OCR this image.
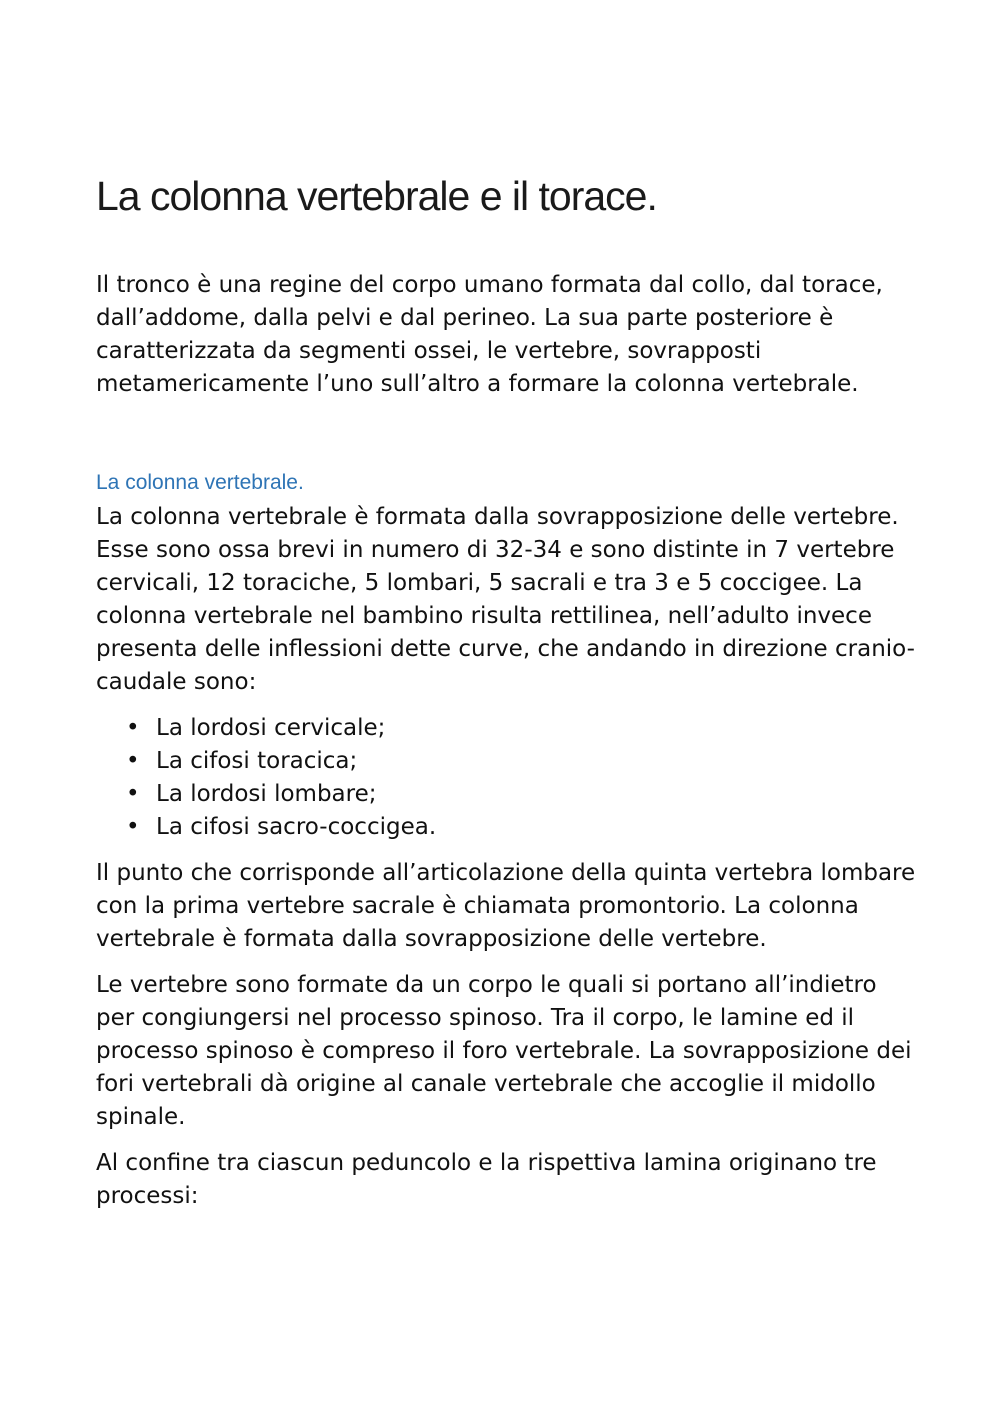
La colonna vertebrale e il torace.

Il tronco è una regine del corpo umano formata dal collo, dal torace, dall’addome, dalla pelvi e dal perineo. La sua parte posteriore è caratterizzata da segmenti ossei, le vertebre, sovrapposti metamericamente l’uno sull’altro a formare la colonna vertebrale.

La colonna vertebrale.

La colonna vertebrale è formata dalla sovrapposizione delle vertebre. Esse sono ossa brevi in numero di 32-34 e sono distinte in 7 vertebre cervicali, 12 toraciche, 5 lombari, 5 sacrali e tra 3 e 5 coccigee. La colonna vertebrale nel bambino risulta rettilinea, nell’adulto invece presenta delle inflessioni dette curve, che andando in direzione cranio-caudale sono:

• La lordosi cervicale;
• La cifosi toracica;
• La lordosi lombare;
• La cifosi sacro-coccigea.

Il punto che corrisponde all’articolazione della quinta vertebra lombare con la prima vertebre sacrale è chiamata promontorio. La colonna vertebrale è formata dalla sovrapposizione delle vertebre.

Le vertebre sono formate da un corpo le quali si portano all’indietro per congiungersi nel processo spinoso. Tra il corpo, le lamine ed il processo spinoso è compreso il foro vertebrale. La sovrapposizione dei fori vertebrali dà origine al canale vertebrale che accoglie il midollo spinale.

Al confine tra ciascun peduncolo e la rispettiva lamina originano tre processi:
